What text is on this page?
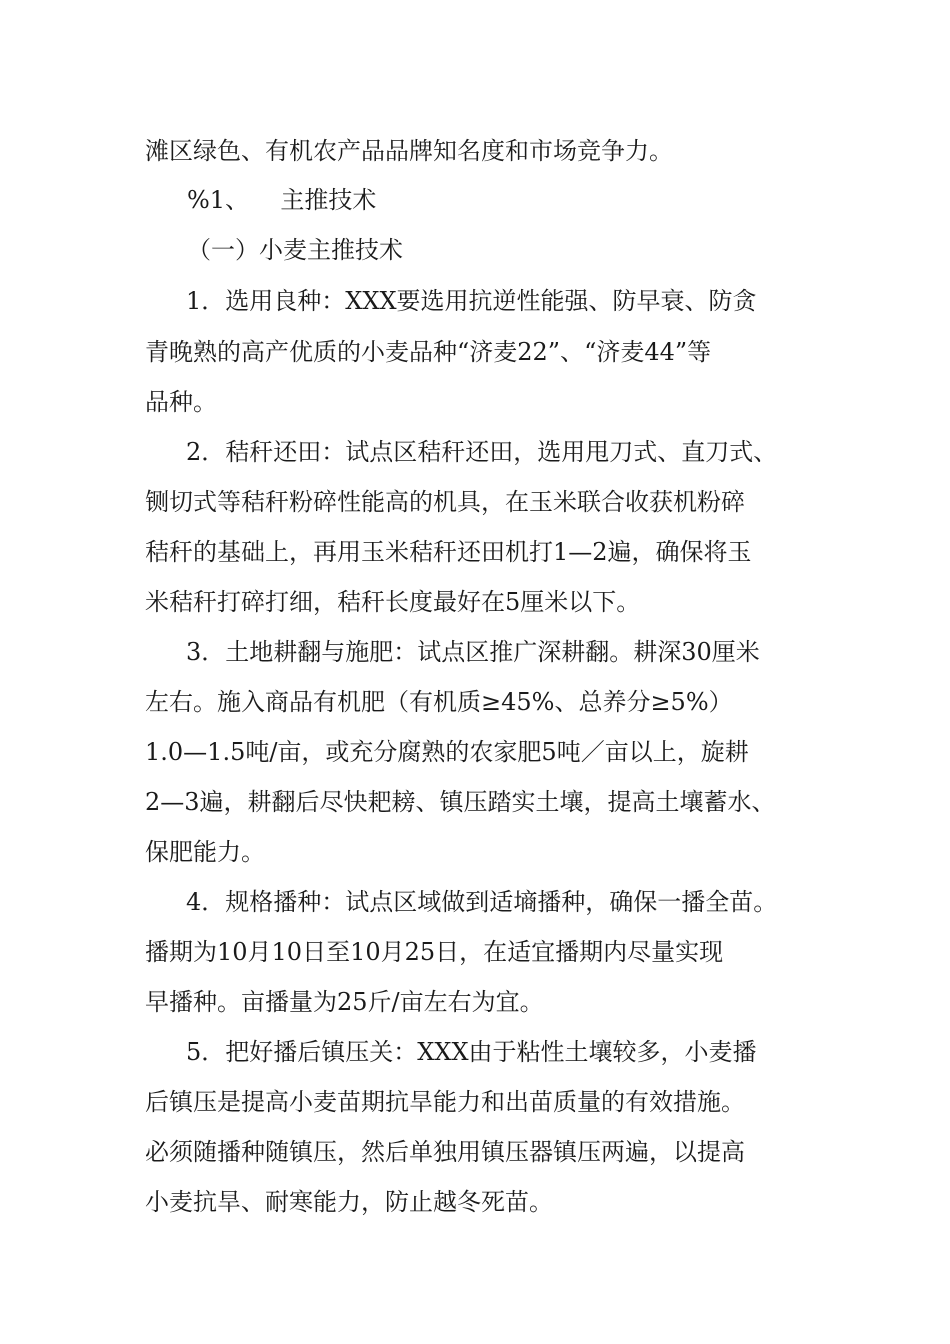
滩区绿色、有机农产品品牌知名度和市场竞争力。

%1、 主推技术

（一）小麦主推技术

1．选用良种：XXX要选用抗逆性能强、防早衰、防贪

青晚熟的高产优质的小麦品种“济麦22”、“济麦44”等

品种。

2．秸秆还田：试点区秸秆还田，选用甩刀式、直刀式、

铡切式等秸秆粉碎性能高的机具，在玉米联合收获机粉碎

秸秆的基础上，再用玉米秸秆还田机打1—2遍，确保将玉

米秸秆打碎打细，秸秆长度最好在5厘米以下。

3．土地耕翻与施肥：试点区推广深耕翻。耕深30厘米

左右。施入商品有机肥（有机质≥45%、总养分≥5%）

1.0—1.5吨/亩，或充分腐熟的农家肥5吨／亩以上，旋耕

2—3遍，耕翻后尽快耙耪、镇压踏实土壤，提高土壤蓄水、

保肥能力。

4．规格播种：试点区域做到适墒播种，确保一播全苗。

播期为10月10日至10月25日，在适宜播期内尽量实现

早播种。亩播量为25斤/亩左右为宜。

5．把好播后镇压关：XXX由于粘性土壤较多，小麦播

后镇压是提高小麦苗期抗旱能力和出苗质量的有效措施。

必须随播种随镇压，然后单独用镇压器镇压两遍，以提高

小麦抗旱、耐寒能力，防止越冬死苗。
